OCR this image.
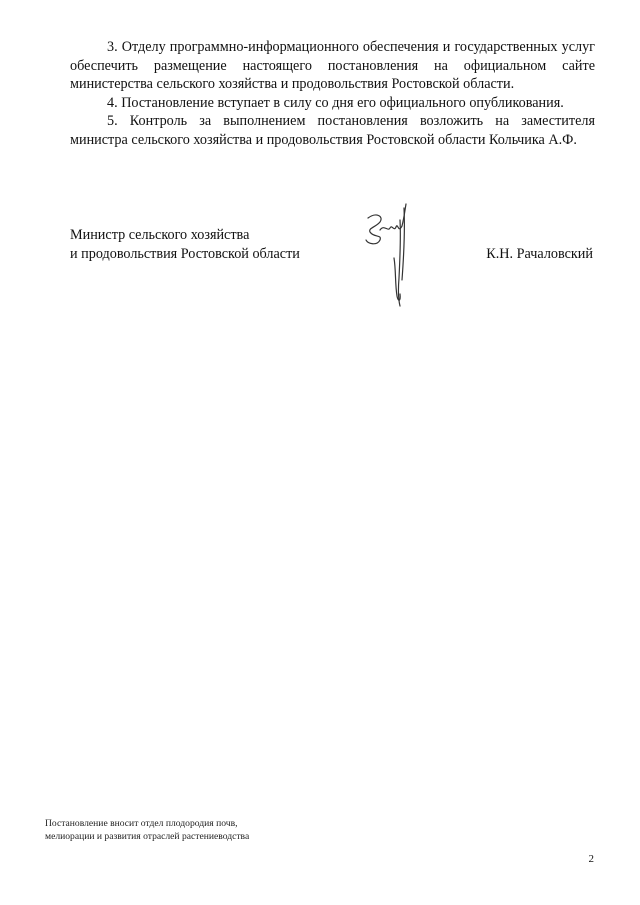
3. Отделу программно-информационного обеспечения и государственных услуг обеспечить размещение настоящего постановления на официальном сайте министерства сельского хозяйства и продовольствия Ростовской области.

4. Постановление вступает в силу со дня его официального опубликования.

5. Контроль за выполнением постановления возложить на заместителя министра сельского хозяйства и продовольствия Ростовской области Кольчика А.Ф.

Министр сельского хозяйства
и продовольствия Ростовской области	К.Н. Рачаловский
Постановление вносит отдел плодородия почв,
мелиорации и развития отраслей растениеводства
2
